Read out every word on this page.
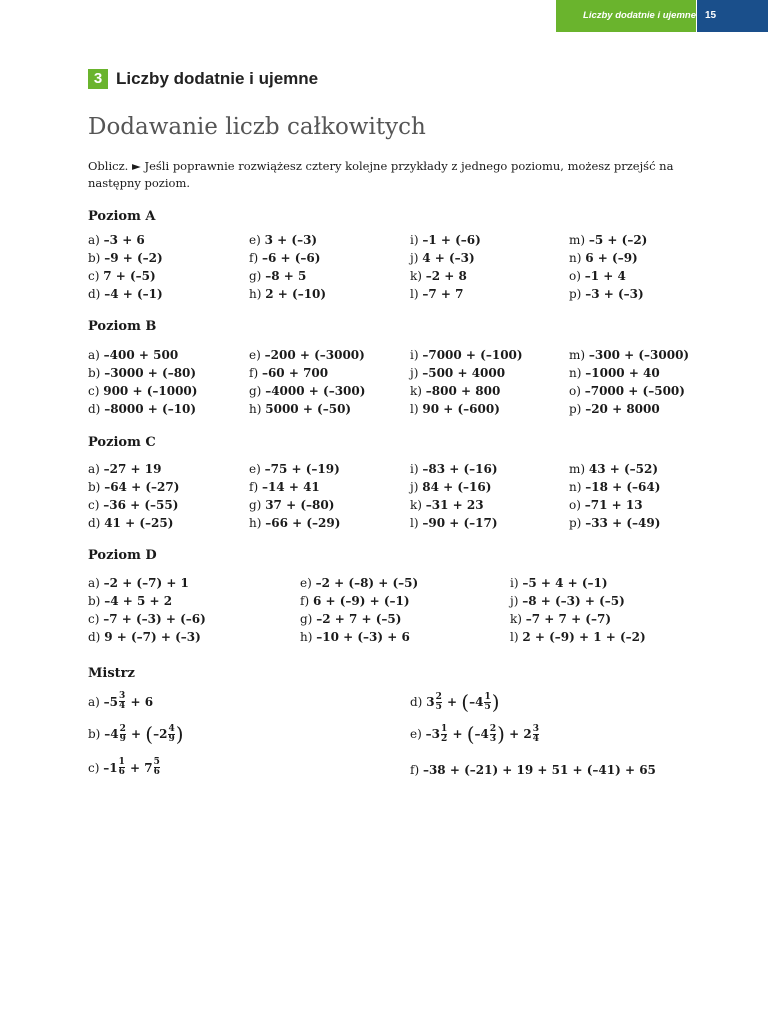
Liczby dodatnie i ujemne 15
3 Liczby dodatnie i ujemne
Dodawanie liczb całkowitych
Oblicz. ► Jeśli poprawnie rozwiążesz cztery kolejne przykłady z jednego poziomu, możesz przejść na następny poziom.
Poziom A
a) –3 + 6	e) 3 + (–3)	i) –1 + (–6)	m) –5 + (–2)
b) –9 + (–2)	f) –6 + (–6)	j) 4 + (–3)	n) 6 + (–9)
c) 7 + (–5)	g) –8 + 5	k) –2 + 8	o) –1 + 4
d) –4 + (–1)	h) 2 + (–10)	l) –7 + 7	p) –3 + (–3)
Poziom B
a) –400 + 500	e) –200 + (–3000)	i) –7000 + (–100)	m) –300 + (–3000)
b) –3000 + (–80)	f) –60 + 700	j) –500 + 4000	n) –1000 + 40
c) 900 + (–1000)	g) –4000 + (–300)	k) –800 + 800	o) –7000 + (–500)
d) –8000 + (–10)	h) 5000 + (–50)	l) 90 + (–600)	p) –20 + 8000
Poziom C
a) –27 + 19	e) –75 + (–19)	i) –83 + (–16)	m) 43 + (–52)
b) –64 + (–27)	f) –14 + 41	j) 84 + (–16)	n) –18 + (–64)
c) –36 + (–55)	g) 37 + (–80)	k) –31 + 23	o) –71 + 13
d) 41 + (–25)	h) –66 + (–29)	l) –90 + (–17)	p) –33 + (–49)
Poziom D
a) –2 + (–7) + 1	e) –2 + (–8) + (–5)	i) –5 + 4 + (–1)
b) –4 + 5 + 2	f) 6 + (–9) + (–1)	j) –8 + (–3) + (–5)
c) –7 + (–3) + (–6)	g) –2 + 7 + (–5)	k) –7 + 7 + (–7)
d) 9 + (–7) + (–3)	h) –10 + (–3) + 6	l) 2 + (–9) + 1 + (–2)
Mistrz
a)
$-5 \frac{3}{4}$
+
6
b)
$-4 \frac{2}{9}$
+
( $-2 \frac{4}{9}$ )
c)
$-1 \frac{1}{6}$
+
$7 \frac{5}{6}$
d)
$3 \frac{2}{5}$
+
( $-4 \frac{1}{5}$ )
e)
$-3 \frac{1}{2}$
+
( $-4 \frac{2}{3}$ )
+
$2 \frac{3}{4}$
f)
–38 + (–21) + 19 + 51 + (–41) + 65
